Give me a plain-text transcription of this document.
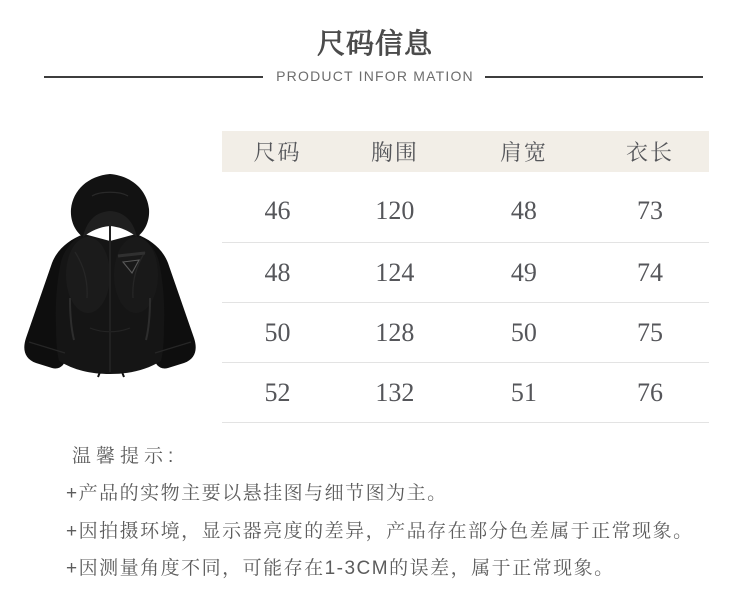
尺码信息
PRODUCT INFOR MATION
尺码	胸围	肩宽	衣长
46	120	48	73
48	124	49	74
50	128	50	75
52	132	51	76
温馨提示:
+产品的实物主要以悬挂图与细节图为主。
+因拍摄环境，显示器亮度的差异，产品存在部分色差属于正常现象。
+因测量角度不同，可能存在1-3CM的误差，属于正常现象。
